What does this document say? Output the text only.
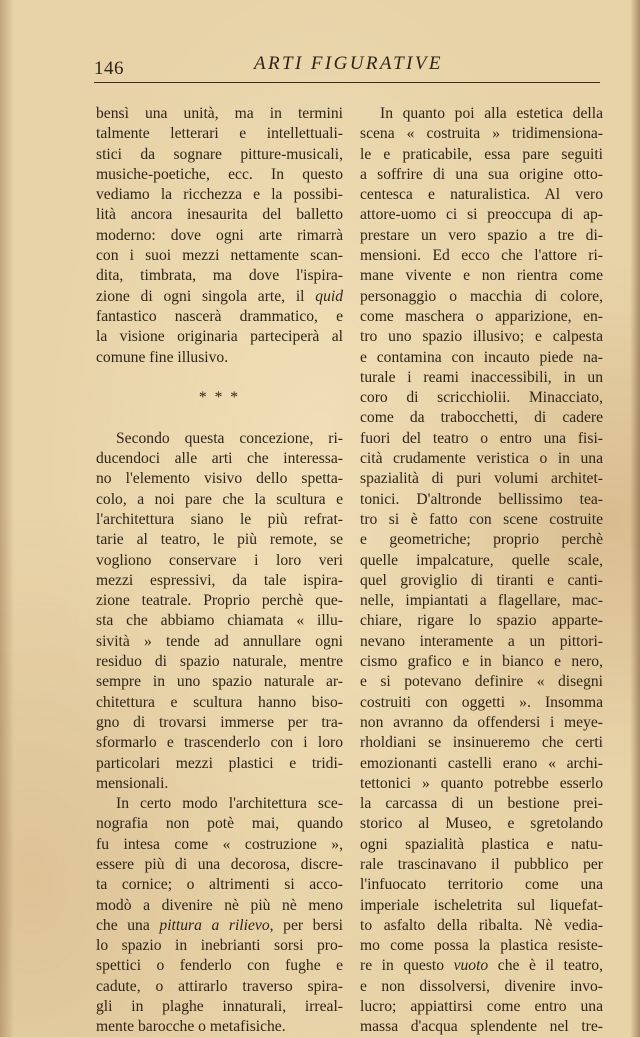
146	ARTI FIGURATIVE
bensì una unità, ma in termini
talmente letterari e intellettuali-
stici da sognare pitture-musicali,
musiche-poetiche, ecc. In questo
vediamo la ricchezza e la possibi-
lità ancora inesaurita del balletto
moderno: dove ogni arte rimarrà
con i suoi mezzi nettamente scan-
dita, timbrata, ma dove l'ispira-
zione di ogni singola arte, il quid
fantastico nascerà drammatico, e
la visione originaria parteciperà al
comune fine illusivo.
* * *
Secondo questa concezione, ri-
ducendoci alle arti che interessa-
no l'elemento visivo dello spetta-
colo, a noi pare che la scultura e
l'architettura siano le più refrat-
tarie al teatro, le più remote, se
vogliono conservare i loro veri
mezzi espressivi, da tale ispira-
zione teatrale. Proprio perchè que-
sta che abbiamo chiamata « illu-
sività » tende ad annullare ogni
residuo di spazio naturale, mentre
sempre in uno spazio naturale ar-
chitettura e scultura hanno biso-
gno di trovarsi immerse per tra-
sformarlo e trascenderlo con i loro
particolari mezzi plastici e tridi-
mensionali.
In certo modo l'architettura sce-
nografia non potè mai, quando
fu intesa come « costruzione »,
essere più di una decorosa, discre-
ta cornice; o altrimenti si acco-
modò a divenire nè più nè meno
che una pittura a rilievo, per bersi
lo spazio in inebrianti sorsi pro-
spettici o fenderlo con fughe e
cadute, o attirarlo traverso spira-
gli in plaghe innaturali, irreal-
mente barocche o metafisiche.
In quanto poi alla estetica della
scena « costruita » tridimensiona-
le e praticabile, essa pare seguiti
a soffrire di una sua origine otto-
centesca e naturalistica. Al vero
attore-uomo ci si preoccupa di ap-
prestare un vero spazio a tre di-
mensioni. Ed ecco che l'attore ri-
mane vivente e non rientra come
personaggio o macchia di colore,
come maschera o apparizione, en-
tro uno spazio illusivo; e calpesta
e contamina con incauto piede na-
turale i reami inaccessibili, in un
coro di scricchiolii. Minacciato,
come da trabocchetti, di cadere
fuori del teatro o entro una fisi-
cità crudamente veristica o in una
spazialità di puri volumi architet-
tonici. D'altronde bellissimo tea-
tro si è fatto con scene costruite
e geometriche; proprio perchè
quelle impalcature, quelle scale,
quel groviglio di tiranti e canti-
nelle, impiantati a flagellare, mac-
chiare, rigare lo spazio apparte-
nevano interamente a un pittori-
cismo grafico e in bianco e nero,
e si potevano definire « disegni
costruiti con oggetti ». Insomma
non avranno da offendersi i meye-
rholdiani se insinueremo che certi
emozionanti castelli erano « archi-
tettonici » quanto potrebbe esserlo
la carcassa di un bestione prei-
storico al Museo, e sgretolando
ogni spazialità plastica e natu-
rale trascinavano il pubblico per
l'infuocato territorio come una
imperiale ischeletrita sul liquefat-
to asfalto della ribalta. Nè vedia-
mo come possa la plastica resiste-
re in questo vuoto che è il teatro,
e non dissolversi, divenire invo-
lucro; appiattirsi come entro una
massa d'acqua splendente nel tre-
